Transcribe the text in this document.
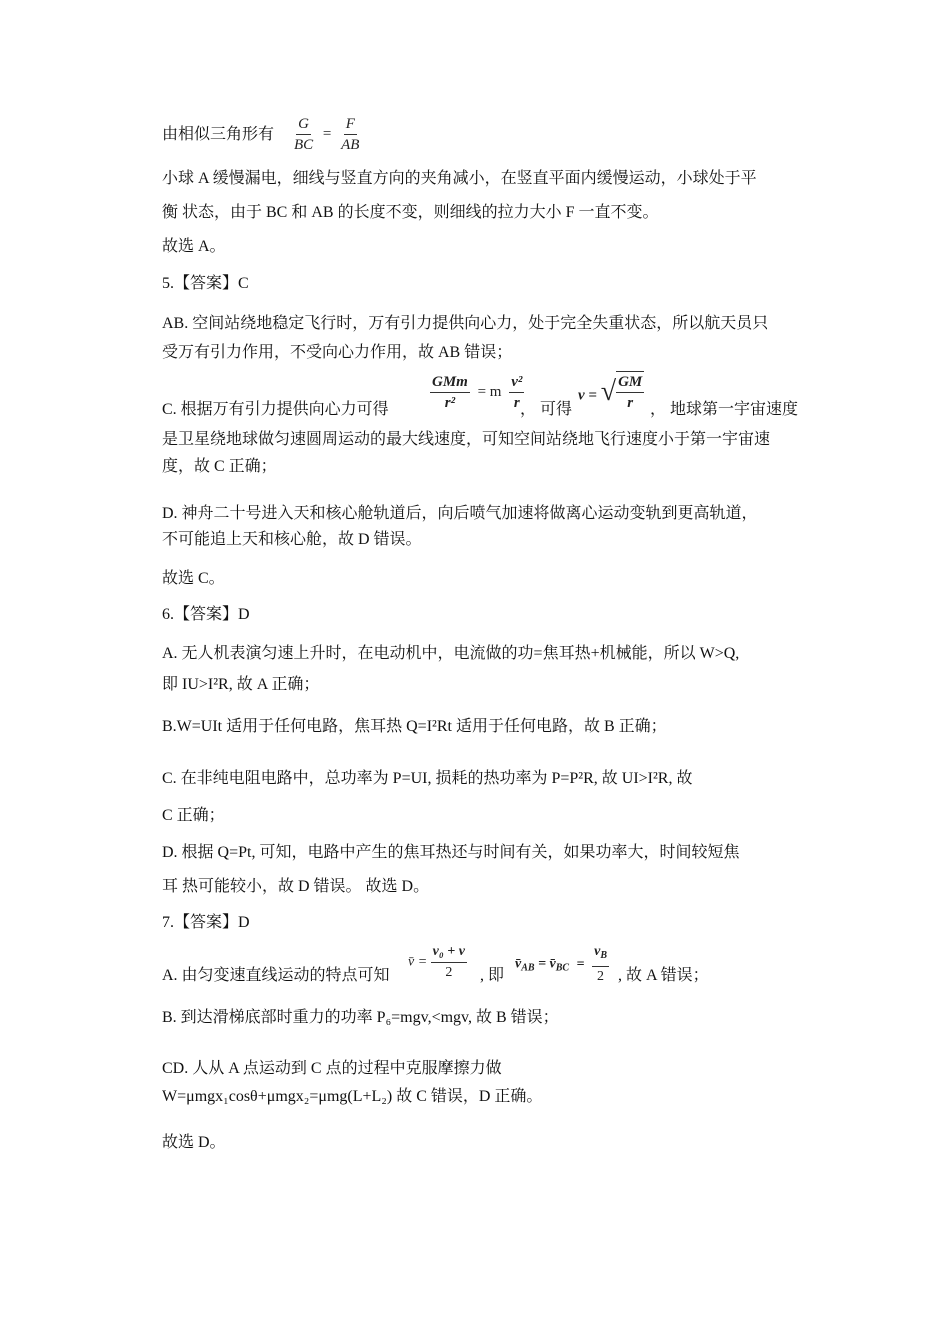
由相似三角形有 $\frac{G}{BC} = \frac{F}{AB}$
小球 A 缓慢漏电，细线与竖直方向的夹角减小，在竖直平面内缓慢运动，小球处于平
衡 状态，由于 BC 和 AB 的长度不变，则细线的拉力大小 F 一直不变。
故选 A。
5.【答案】C
AB. 空间站绕地稳定飞行时，万有引力提供向心力，处于完全失重状态，所以航天员只
受万有引力作用，不受向心力作用，故 AB 错误；
C. 根据万有引力提供向心力可得	$\frac{\text{GMm}}{\text{r²}} = m \frac{\text{v²}}{r}$
， 可得
v = √ $\frac{GM}{r}$ ， 地球第一宇宙速度
是卫星绕地球做匀速圆周运动的最大线速度，可知空间站绕地飞行速度小于第一宇宙速
度，故 C 正确；
D. 神舟二十号进入天和核心舱轨道后，向后喷气加速将做离心运动变轨到更高轨道，
不可能追上天和核心舱，故 D 错误。
故选 C。
6.【答案】D
A. 无人机表演匀速上升时，在电动机中，电流做的功=焦耳热+机械能，所以 W>Q,
即 IU>I²R, 故 A 正确；
B.W=UIt 适用于任何电路，焦耳热 Q=I²Rt 适用于任何电路，故 B 正确；
C. 在非纯电阻电路中，总功率为 P=UI, 损耗的热功率为 P=P²R, 故 UI>I²R, 故
C 正确；
D. 根据 Q=Pt, 可知，电路中产生的焦耳热还与时间有关，如果功率大，时间较短焦
耳 热可能较小，故 D 错误。 故选 D。
7.【答案】D
A. 由匀变速直线运动的特点可知
v̄ = $\frac{\text{v₀ + v}}{2}$ , 即
$v̄_{AB}$ = $v̄_{BC} = \frac{v_B}{2}$ , 故 A 错误；
B. 到达滑梯底部时重力的功率 P₆=mgv,<mgv, 故 B 错误；
CD. 人从 A 点运动到 C 点的过程中克服摩擦力做
W=μmgx₁cosθ+μmgx₂=μmg(L+L₂) 故 C 错误，D 正确。
故选 D。
